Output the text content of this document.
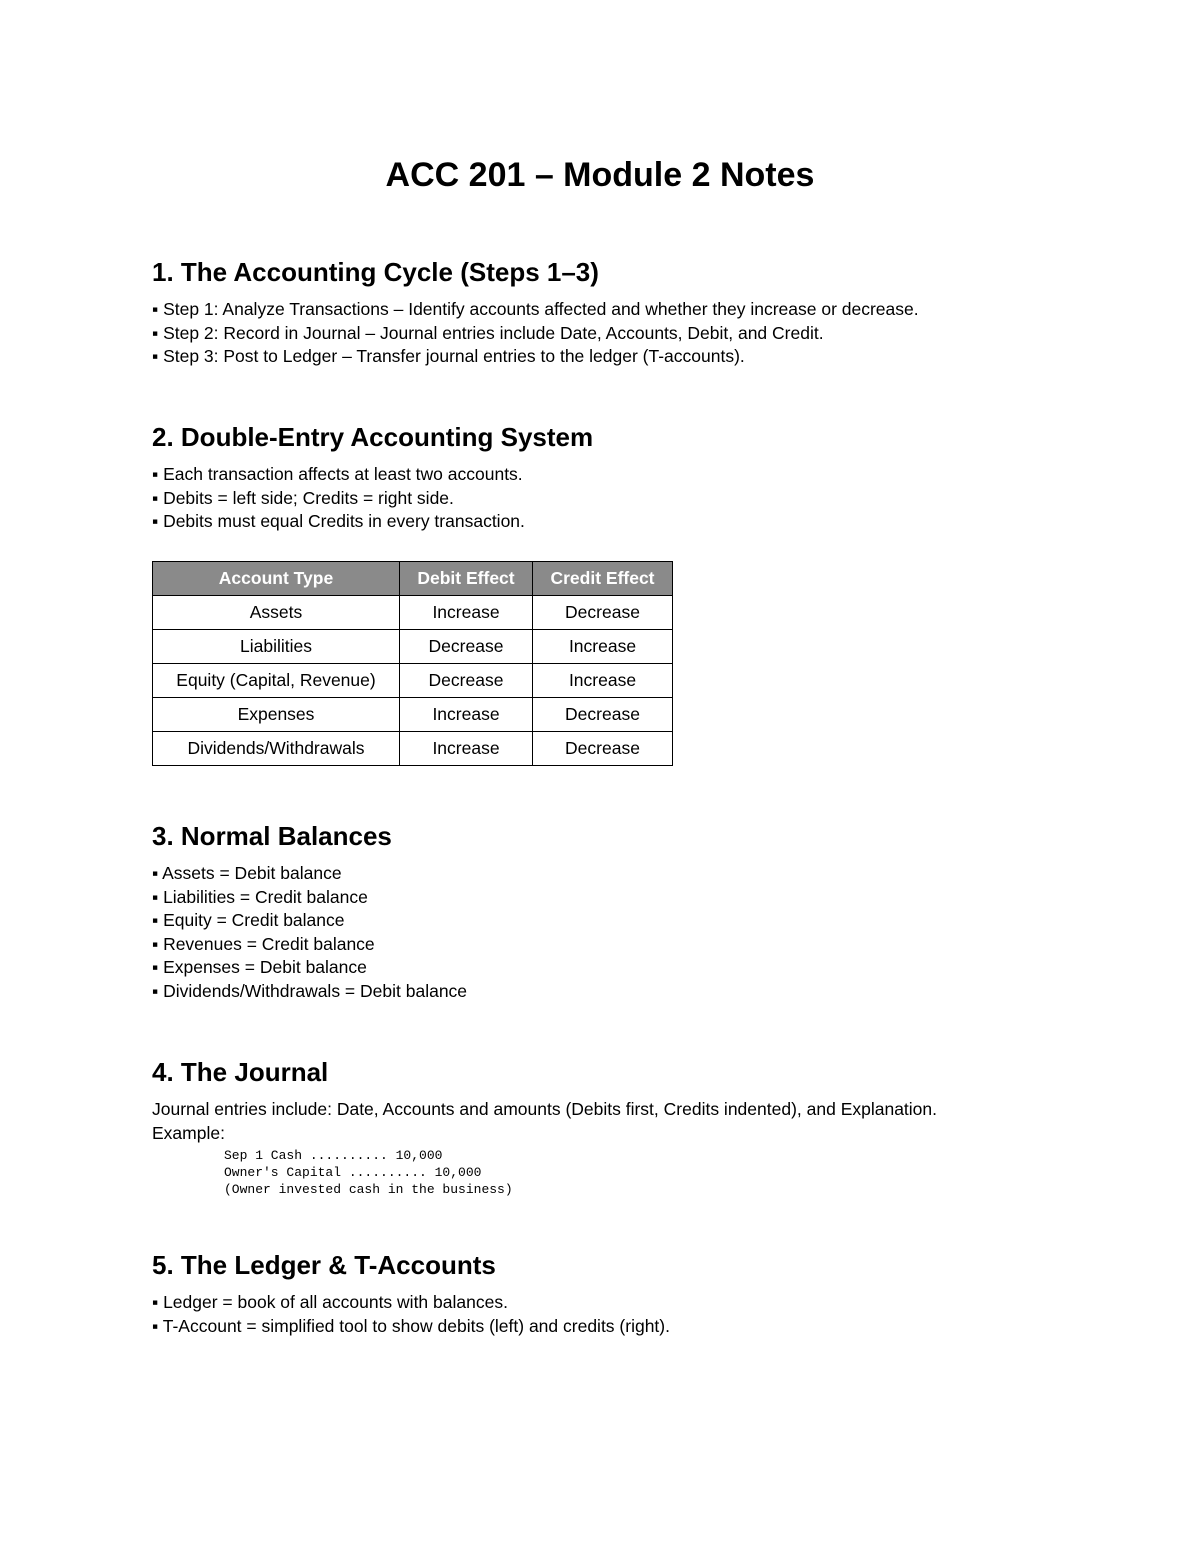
ACC 201 – Module 2 Notes
1. The Accounting Cycle (Steps 1–3)

▪ Step 1: Analyze Transactions – Identify accounts affected and whether they increase or decrease.

▪ Step 2: Record in Journal – Journal entries include Date, Accounts, Debit, and Credit.

▪ Step 3: Post to Ledger – Transfer journal entries to the ledger (T-accounts).

2. Double-Entry Accounting System

▪ Each transaction affects at least two accounts.

▪ Debits = left side; Credits = right side.

▪ Debits must equal Credits in every transaction.

Account Type	Debit Effect	Credit Effect
Assets	Increase	Decrease
Liabilities	Decrease	Increase
Equity (Capital, Revenue)	Decrease	Increase
Expenses	Increase	Decrease
Dividends/Withdrawals	Increase	Decrease
3. Normal Balances

▪ Assets = Debit balance

▪ Liabilities = Credit balance

▪ Equity = Credit balance

▪ Revenues = Credit balance

▪ Expenses = Debit balance

▪ Dividends/Withdrawals = Debit balance

4. The Journal

Journal entries include: Date, Accounts and amounts (Debits first, Credits indented), and Explanation.

Example:

Sep 1 Cash .......... 10,000

Owner's Capital .......... 10,000

(Owner invested cash in the business)

5. The Ledger & T-Accounts

▪ Ledger = book of all accounts with balances.

▪ T-Account = simplified tool to show debits (left) and credits (right).
